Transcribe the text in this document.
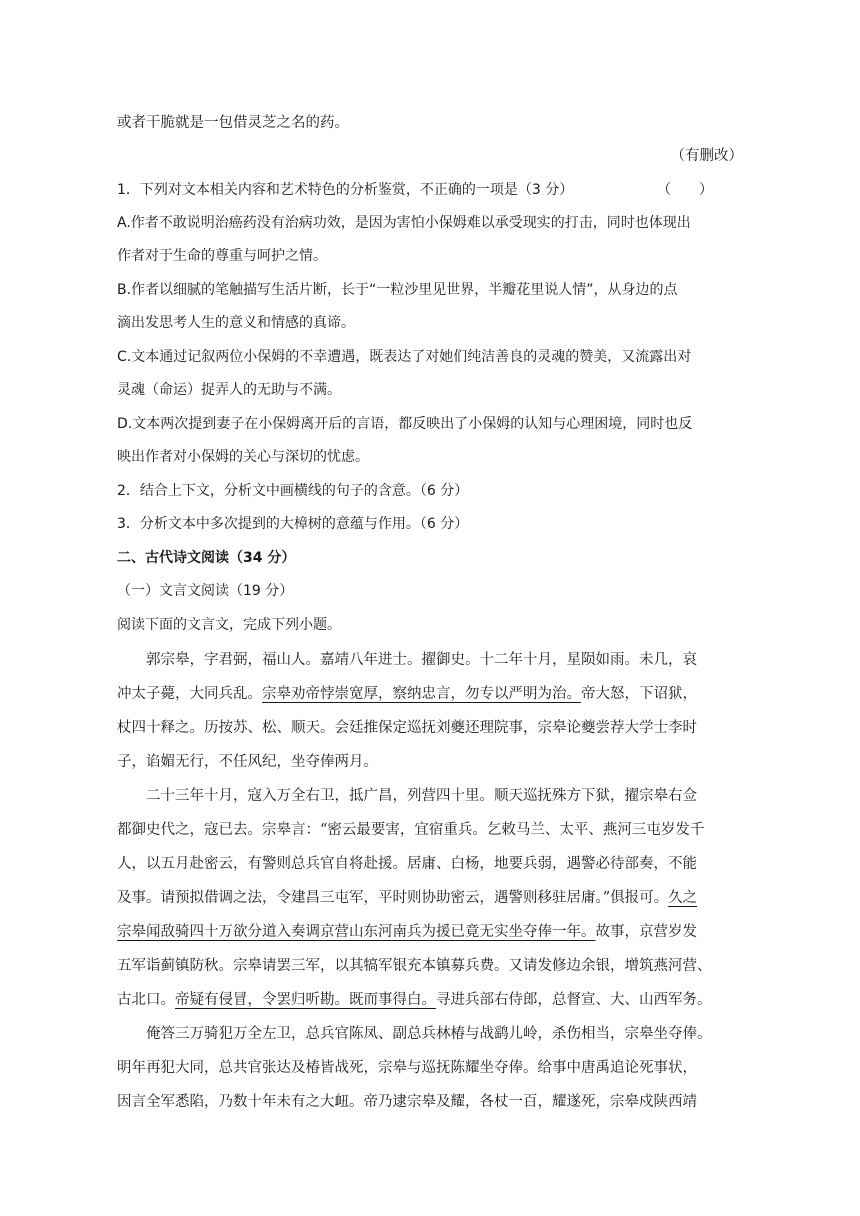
或者干脆就是一包借灵芝之名的药。
（有删改）
1．下列对文本相关内容和艺术特色的分析鉴赏，不正确的一项是（3 分）	（　　）
A.作者不敢说明治癌药没有治病功效，是因为害怕小保姆难以承受现实的打击，同时也体现出
作者对于生命的尊重与呵护之情。
B.作者以细腻的笔触描写生活片断，长于“一粒沙里见世界，半瓣花里说人情”，从身边的点
滴出发思考人生的意义和情感的真谛。
C.文本通过记叙两位小保姆的不幸遭遇，既表达了对她们纯洁善良的灵魂的赞美，又流露出对
灵魂（命运）捉弄人的无助与不满。
D.文本两次提到妻子在小保姆离开后的言语，都反映出了小保姆的认知与心理困境，同时也反
映出作者对小保姆的关心与深切的忧虑。
2．结合上下文，分析文中画横线的句子的含意。（6 分）
3．分析文本中多次提到的大樟树的意蕴与作用。（6 分）
二、古代诗文阅读（34 分）
（一）文言文阅读（19 分）
阅读下面的文言文，完成下列小题。
郭宗皋，字君弼，福山人。嘉靖八年进士。擢御史。十二年十月，星陨如雨。未几，哀
冲太子薨，大同兵乱。宗皋劝帝悖崇宽厚，察纳忠言，勿专以严明为治。帝大怒，下诏狱，
杖四十释之。历按苏、松、顺天。会廷推保定巡抚刘夔还理院事，宗皋论夔尝荐大学士李时
子，谄媚无行，不任风纪，坐夺俸两月。
二十三年十月，寇入万全右卫，抵广昌，列营四十里。顺天巡抚殊方下狱，擢宗皋右佥
都御史代之，寇已去。宗皋言：“密云最要害，宜宿重兵。乞敕马兰、太平、燕河三屯岁发千
人，以五月赴密云，有警则总兵官自将赴援。居庸、白杨，地要兵弱，遇警必待部奏，不能
及事。请预拟借调之法，令建昌三屯军，平时则协助密云，遇警则移驻居庸。”俱报可。久之
宗皋闻敌骑四十万欲分道入奏调京营山东河南兵为援已竟无实坐夺俸一年。故事，京营岁发
五军诣蓟镇防秋。宗皋请罢三军，以其犒军银充本镇募兵费。又请发修边余银，增筑燕河营、
古北口。帝疑有侵冒，令罢归听勘。既而事得白。寻进兵部右侍郎，总督宣、大、山西军务。
俺答三万骑犯万全左卫，总兵官陈凤、副总兵林椿与战鹞儿岭，杀伤相当，宗皋坐夺俸。
明年再犯大同，总共官张达及椿皆战死，宗皋与巡抚陈耀坐夺俸。给事中唐禹追论死事状，
因言全军悉陷，乃数十年未有之大衄。帝乃逮宗皋及耀，各杖一百，耀遂死，宗皋戍陕西靖
